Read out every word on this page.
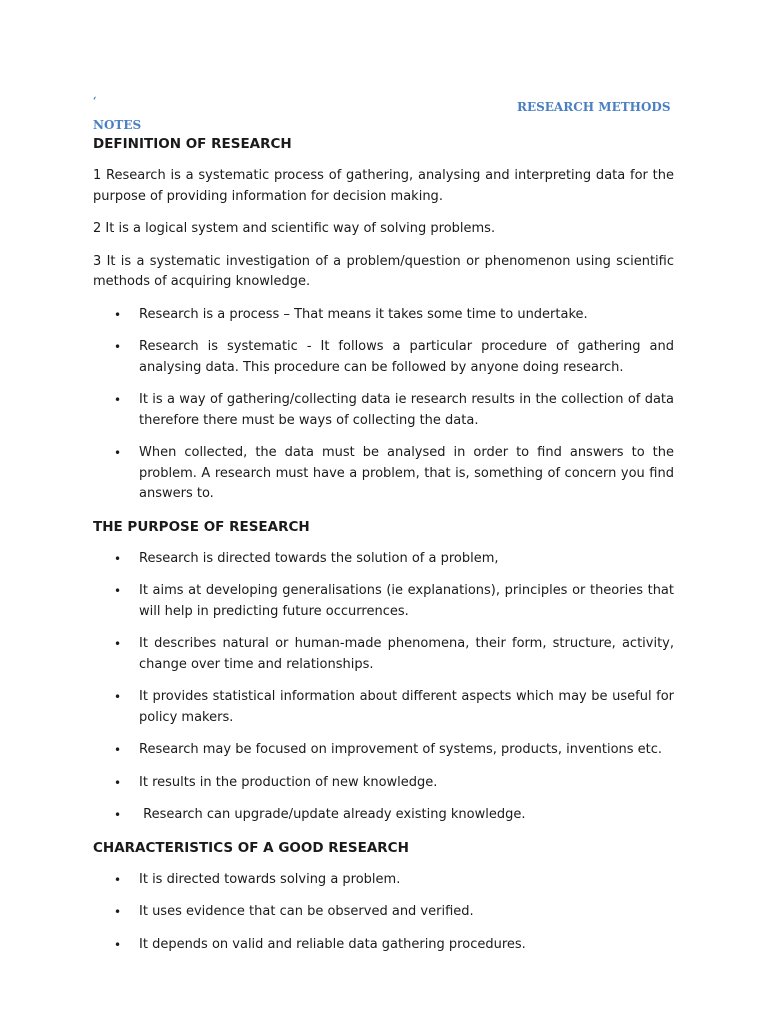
‘	RESEARCH METHODS
NOTES
DEFINITION OF RESEARCH

1 Research is a systematic process of gathering, analysing and interpreting data for the purpose of providing information for decision making.

2 It is a logical system and scientific way of solving problems.

3 It is a systematic investigation of a problem/question or phenomenon using scientific methods of acquiring knowledge.

• Research is a process – That means it takes some time to undertake.
• Research is systematic - It follows a particular procedure of gathering and analysing data. This procedure can be followed by anyone doing research.
• It is a way of gathering/collecting data ie research results in the collection of data therefore there must be ways of collecting the data.
• When collected, the data must be analysed in order to find answers to the problem. A research must have a problem, that is, something of concern you find answers to.
THE PURPOSE OF RESEARCH
• Research is directed towards the solution of a problem,
• It aims at developing generalisations (ie explanations), principles or theories that will help in predicting future occurrences.
• It describes natural or human-made phenomena, their form, structure, activity, change over time and relationships.
• It provides statistical information about different aspects which may be useful for policy makers.
• Research may be focused on improvement of systems, products, inventions etc.
• It results in the production of new knowledge.
• Research can upgrade/update already existing knowledge.
CHARACTERISTICS OF A GOOD RESEARCH
• It is directed towards solving a problem.
• It uses evidence that can be observed and verified.
• It depends on valid and reliable data gathering procedures.
